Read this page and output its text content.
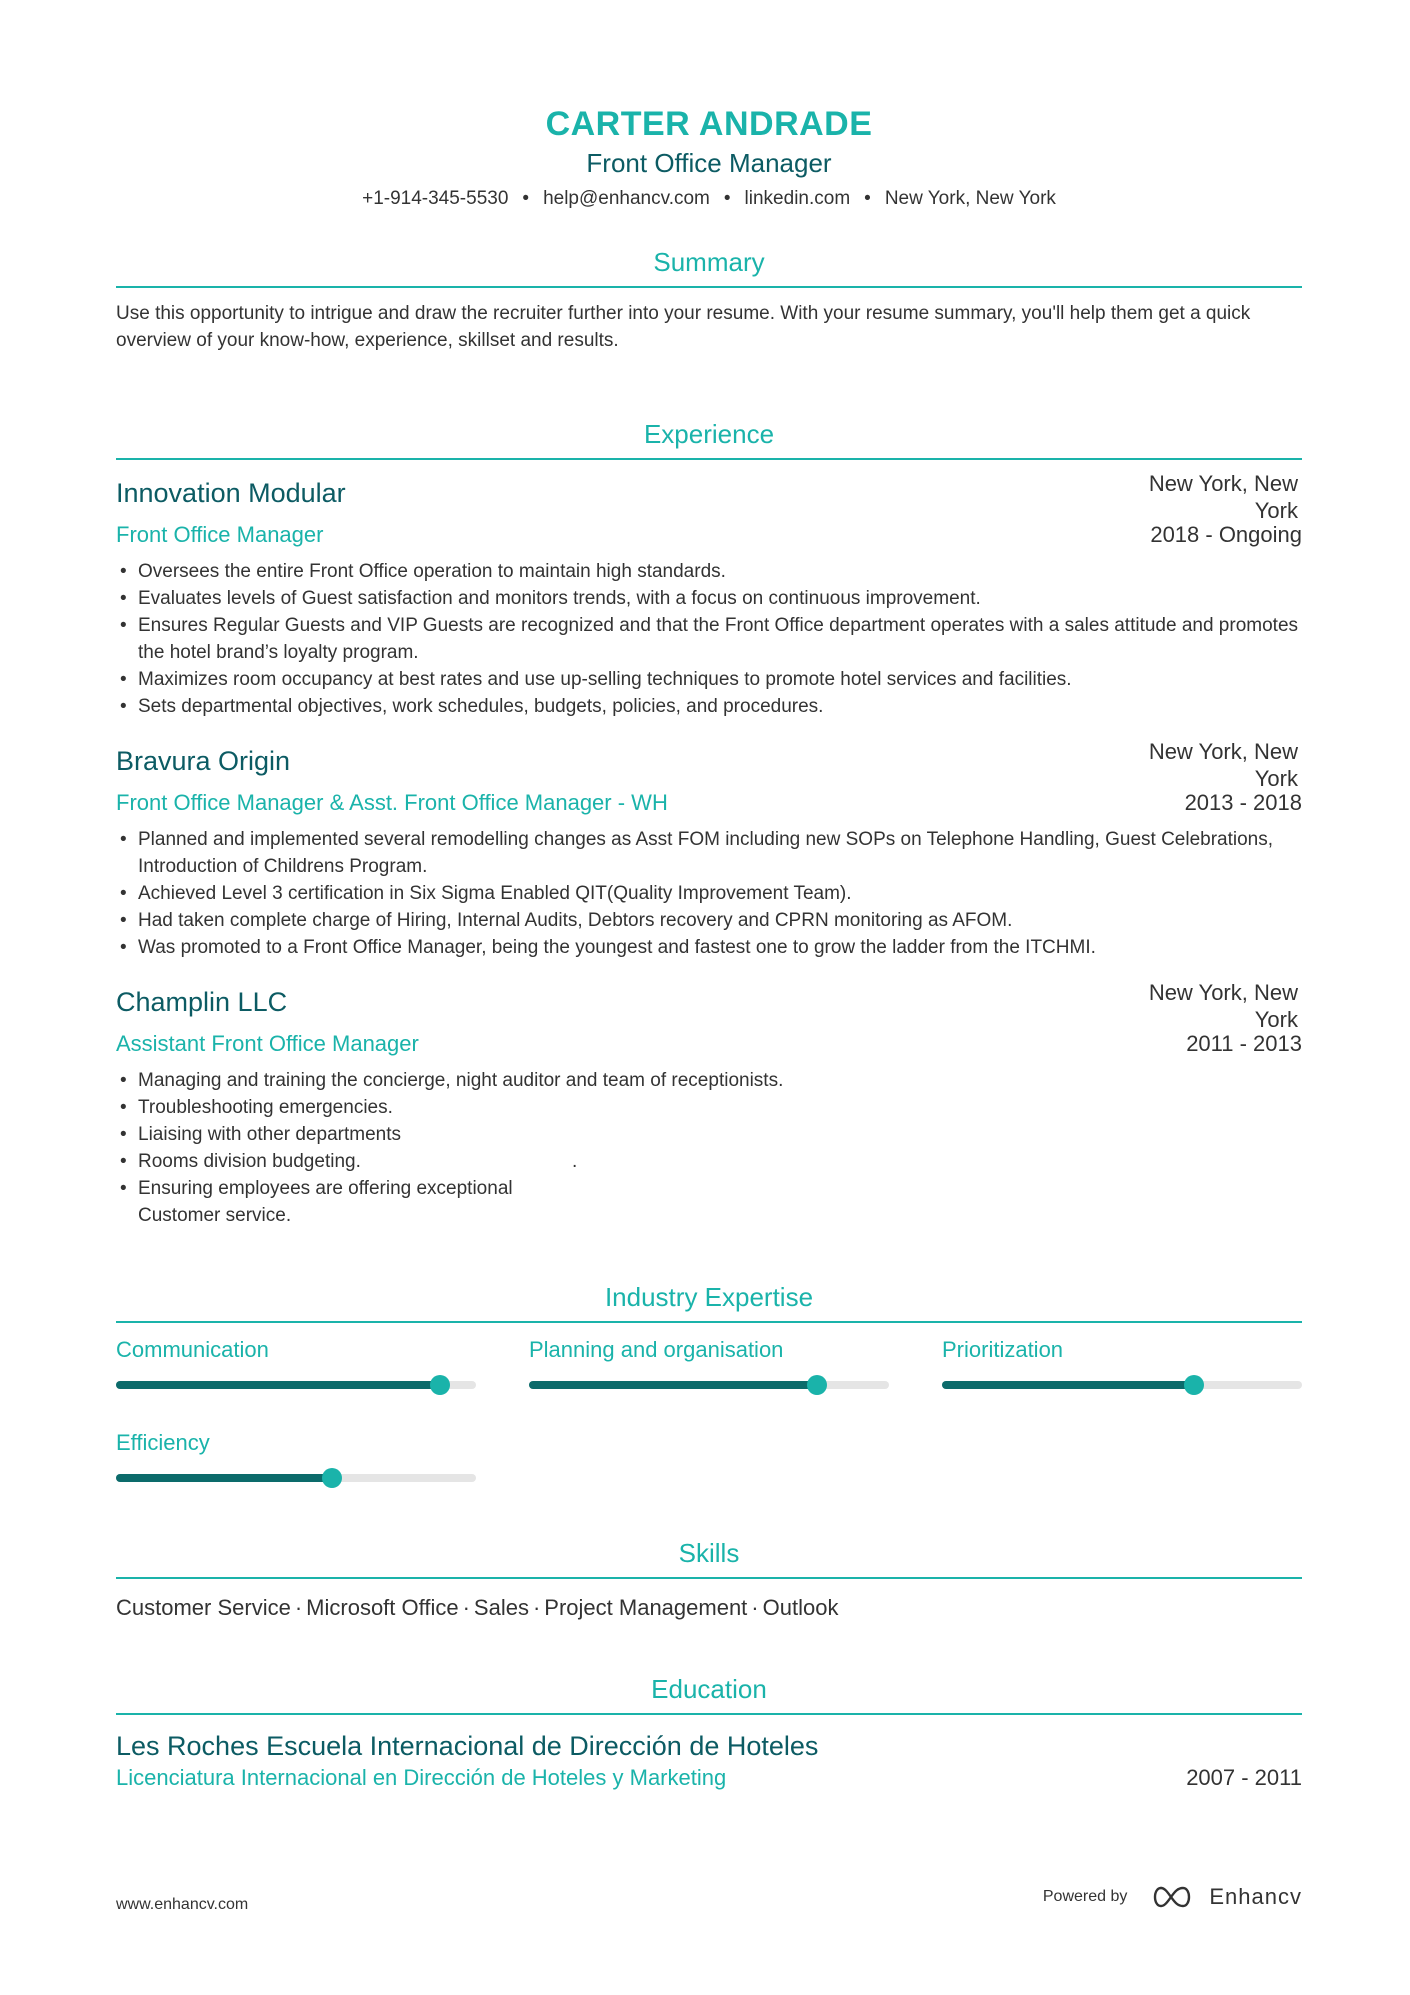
CARTER ANDRADE
Front Office Manager
+1-914-345-5530 • help@enhancv.com • linkedin.com • New York, New York
Summary
Use this opportunity to intrigue and draw the recruiter further into your resume. With your resume summary, you'll help them get a quick overview of your know-how, experience, skillset and results.
Experience
Innovation Modular	New York, New York
Front Office Manager	2018 - Ongoing
• Oversees the entire Front Office operation to maintain high standards.
• Evaluates levels of Guest satisfaction and monitors trends, with a focus on continuous improvement.
• Ensures Regular Guests and VIP Guests are recognized and that the Front Office department operates with a sales attitude and promotes the hotel brand’s loyalty program.
• Maximizes room occupancy at best rates and use up-selling techniques to promote hotel services and facilities.
• Sets departmental objectives, work schedules, budgets, policies, and procedures.
Bravura Origin	New York, New York
Front Office Manager & Asst. Front Office Manager - WH	2013 - 2018
• Planned and implemented several remodelling changes as Asst FOM including new SOPs on Telephone Handling, Guest Celebrations, Introduction of Childrens Program.
• Achieved Level 3 certification in Six Sigma Enabled QIT(Quality Improvement Team).
• Had taken complete charge of Hiring, Internal Audits, Debtors recovery and CPRN monitoring as AFOM.
• Was promoted to a Front Office Manager, being the youngest and fastest one to grow the ladder from the ITCHMI.
Champlin LLC	New York, New York
Assistant Front Office Manager	2011 - 2013
• Managing and training the concierge, night auditor and team of receptionists.
• Troubleshooting emergencies.
• Liaising with other departments
• Rooms division budgeting.                                        .
• Ensuring employees are offering exceptional Customer service.
Industry Expertise
Communication	Planning and organisation	Prioritization
Efficiency
Skills
Customer Service · Microsoft Office · Sales · Project Management · Outlook
Education
Les Roches Escuela Internacional de Dirección de Hoteles
Licenciatura Internacional en Dirección de Hoteles y Marketing	2007 - 2011
www.enhancv.com	Powered by	Enhancv
